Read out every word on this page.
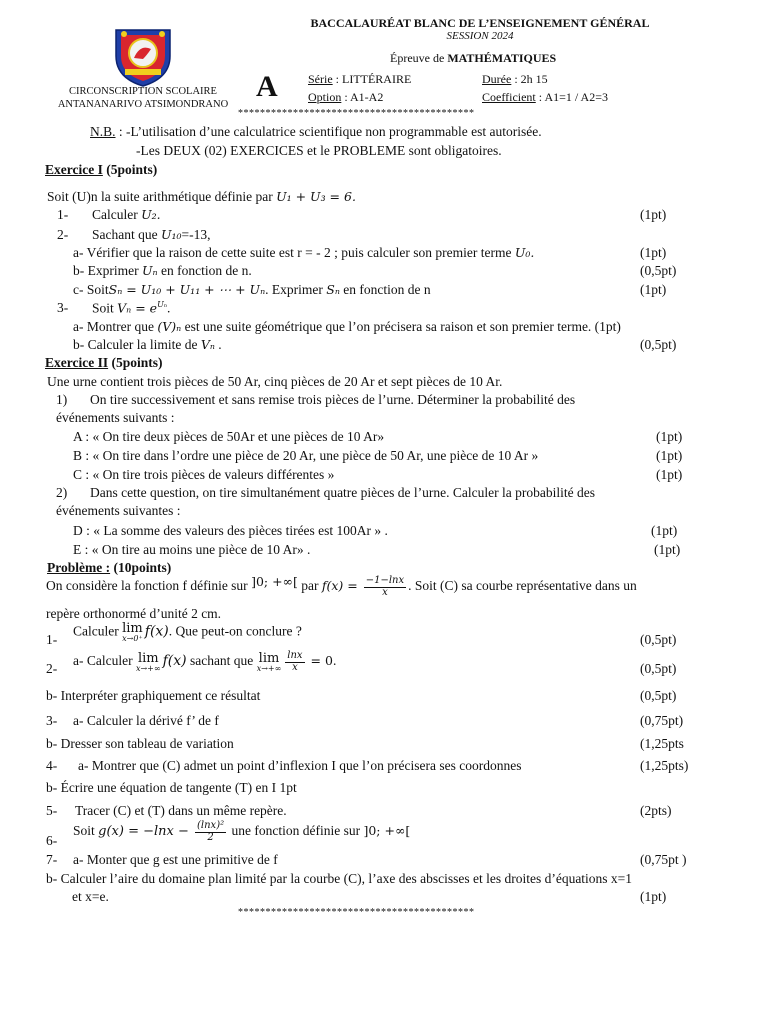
BACCALAURÉAT BLANC DE L’ENSEIGNEMENT GÉNÉRAL
SESSION 2024
Épreuve de MATHÉMATIQUES
CIRCONSCRIPTION SCOLAIRE
ANTANANARIVO ATSIMONDRANO
A	Série : LITTÉRAIRE	Durée : 2h 15
Option : A1-A2	Coefficient : A1=1 / A2=3
*******************************************
N.B. : -L’utilisation d’une calculatrice scientifique non programmable est autorisée.
-Les DEUX (02) EXERCICES et le PROBLEME sont obligatoires.
Exercice I (5points)
Soit (U)n la suite arithmétique définie par U₁ + U₃ = 6.
1- Calculer U₂.	(1pt)
2- Sachant que U₁₀=-13,
a- Vérifier que la raison de cette suite est r = - 2 ; puis calculer son premier terme U₀.	(1pt)
b- Exprimer Uₙ en fonction de n.	(0,5pt)
c- SoitSₙ = U₁₀ + U₁₁ + ⋯ + Uₙ. Exprimer Sₙ en fonction de n	(1pt)
3- Soit $V_n = e^{U_n}$.
a- Montrer que (V)ₙ est une suite géométrique que l’on précisera sa raison et son premier terme. (1pt)
b- Calculer la limite de Vₙ .	(0,5pt)
Exercice II (5points)
Une urne contient trois pièces de 50 Ar, cinq pièces de 20 Ar et sept pièces de 10 Ar.
1) On tire successivement et sans remise trois pièces de l’urne. Déterminer la probabilité des
événements suivants :
A : « On tire deux pièces de 50Ar et une pièces de 10 Ar»	(1pt)
B : « On tire dans l’ordre une pièce de 20 Ar, une pièce de 50 Ar, une pièce de 10 Ar »	(1pt)
C : « On tire trois pièces de valeurs différentes »	(1pt)
2) Dans cette question, on tire simultanément quatre pièces de l’urne. Calculer la probabilité des
événements suivantes :
D : « La somme des valeurs des pièces tirées est 100Ar » .	(1pt)
E : « On tire au moins une pièce de 10 Ar» .	(1pt)
Problème : (10points)
On considère la fonction f définie sur ]0; +∞[ par $f(x) = \frac{-1-\ln x}{x}$ . Soit (C) sa courbe représentative dans un
repère orthonormé d’unité 2 cm.
1-
Calculer lim
x→0⁺ f(x). Que peut-on conclure ?
(0,5pt)
2-
a- Calculer lim
x→+∞ f(x) sachant que lim
$x\to+\infty \frac{\ln x}{x} = 0$.
(0,5pt)
b- Interpréter graphiquement ce résultat	(0,5pt)
3- a- Calculer la dérivé f’ de f	(0,75pt)
b- Dresser son tableau de variation	(1,25pts
4- a- Montrer que (C) admet un point d’inflexion I que l’on précisera ses coordonnes	(1,25pts)
b- Écrire une équation de tangente (T) en I 1pt
5- Tracer (C) et (T) dans un même repère.	(2pts)
6-
Soit $g(x) = -\ln x - \frac{\text{(lnx)²}}{2}$ une fonction définie sur ]0; +∞[
7- a- Monter que g est une primitive de f	(0,75pt )
b- Calculer l’aire du domaine plan limité par la courbe (C), l’axe des abscisses et les droites d’équations x=1
et x=e.	(1pt)
*******************************************
